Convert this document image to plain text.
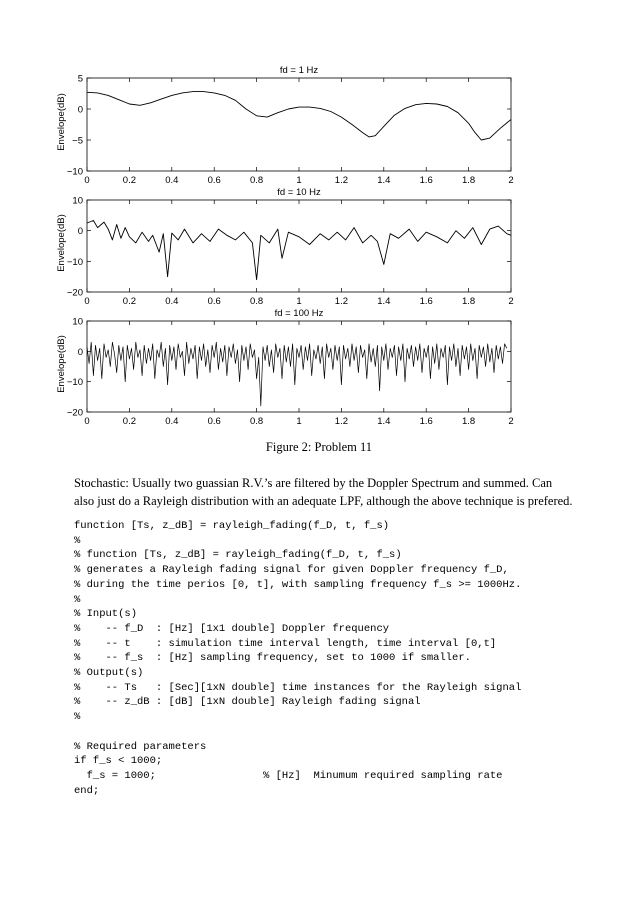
0	0.2	0.4	0.6	0.8	1	1.2	1.4	1.6	1.8	2
5
0
−5
−10
fd = 1 Hz
Envelope(dB)
0	0.2	0.4	0.6	0.8	1	1.2	1.4	1.6	1.8	2
10
0
−10
−20
fd = 10 Hz
Envelope(dB)
0	0.2	0.4	0.6	0.8	1	1.2	1.4	1.6	1.8	2
10
0
−10
−20
fd = 100 Hz
Envelope(dB)
Figure 2: Problem 11
Stochastic: Usually two guassian R.V.’s are filtered by the Doppler Spectrum and summed. Can also just do a Rayleigh distribution with an adequate LPF, although the above technique is prefered.
function [Ts, z_dB] = rayleigh_fading(f_D, t, f_s)
%
% function [Ts, z_dB] = rayleigh_fading(f_D, t, f_s)
% generates a Rayleigh fading signal for given Doppler frequency f_D,
% during the time perios [0, t], with sampling frequency f_s >= 1000Hz.
%
% Input(s)
%    -- f_D  : [Hz] [1x1 double] Doppler frequency
%    -- t    : simulation time interval length, time interval [0,t]
%    -- f_s  : [Hz] sampling frequency, set to 1000 if smaller.
% Output(s)
%    -- Ts   : [Sec][1xN double] time instances for the Rayleigh signal
%    -- z_dB : [dB] [1xN double] Rayleigh fading signal
%

% Required parameters
if f_s < 1000;
f_s = 1000;                 % [Hz]  Minumum required sampling rate
end;
